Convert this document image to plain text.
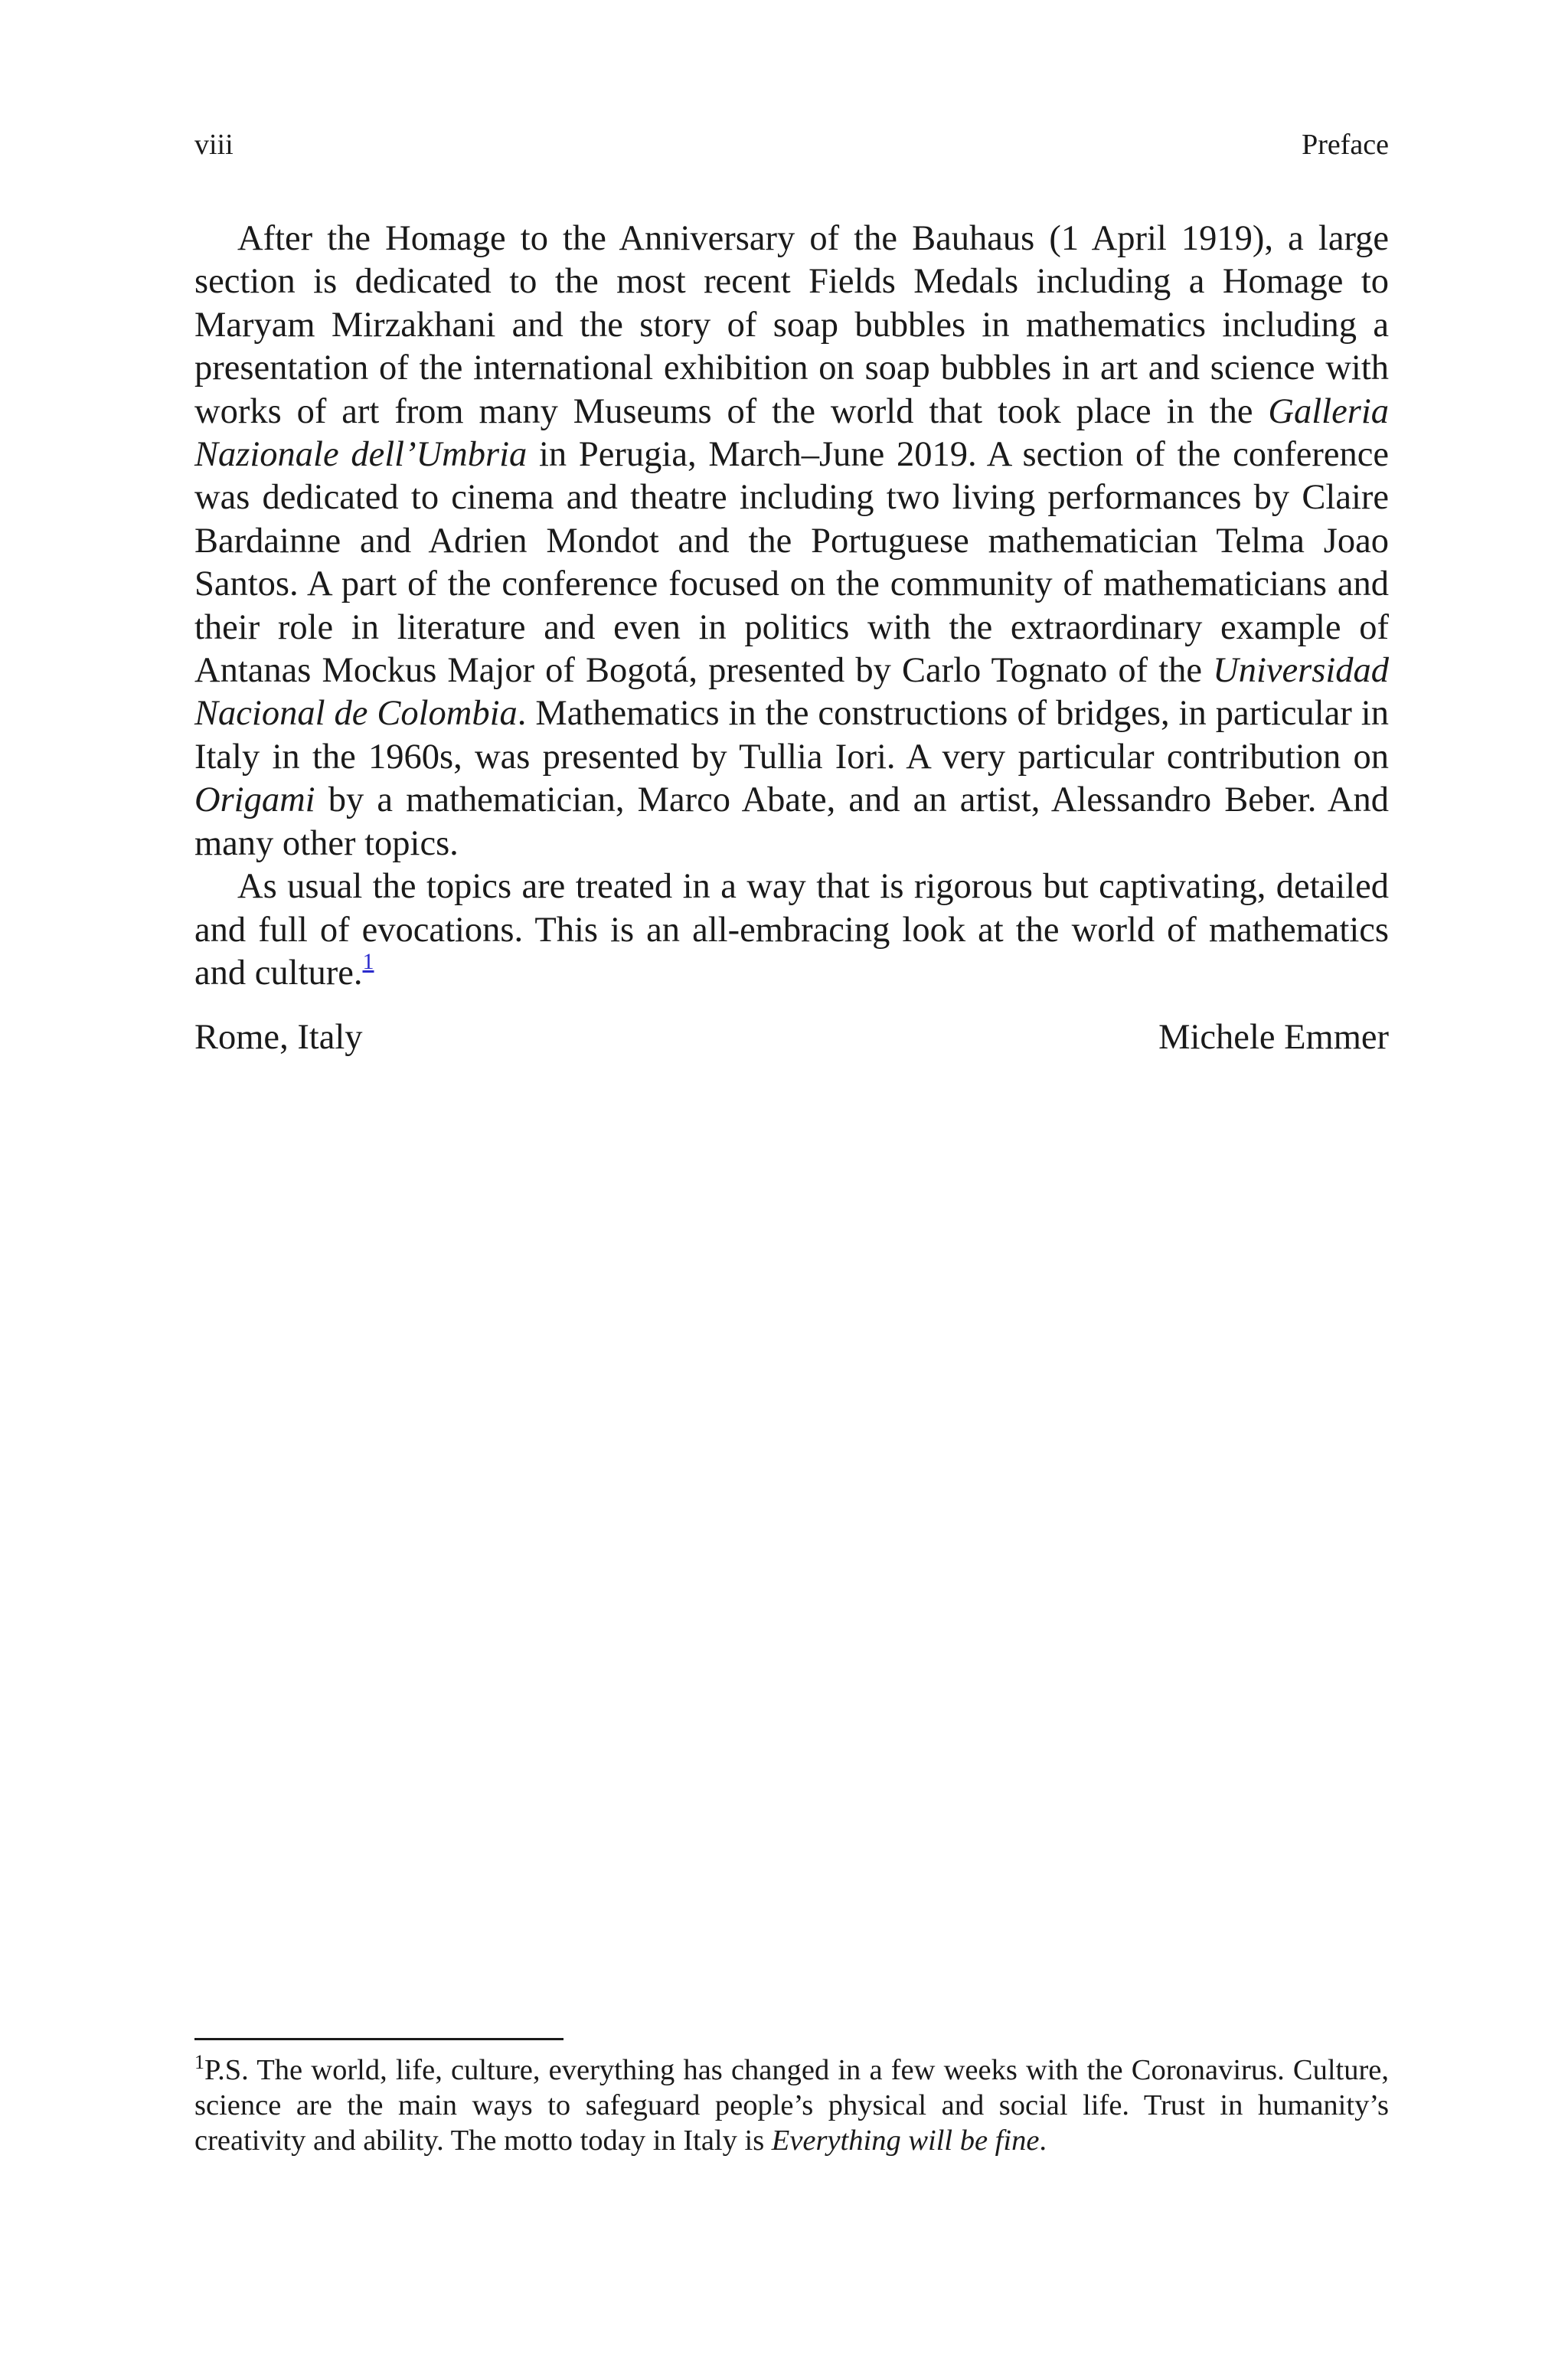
viii	Preface

After the Homage to the Anniversary of the Bauhaus (1 April 1919), a large section is dedicated to the most recent Fields Medals including a Homage to Maryam Mirzakhani and the story of soap bubbles in mathematics including a presentation of the international exhibition on soap bubbles in art and science with works of art from many Museums of the world that took place in the Galleria Nazionale dell’Umbria in Perugia, March–June 2019. A section of the conference was dedicated to cinema and theatre including two living performances by Claire Bardainne and Adrien Mondot and the Portuguese mathematician Telma Joao Santos. A part of the conference focused on the community of mathematicians and their role in literature and even in politics with the extraordinary example of Antanas Mockus Major of Bogotá, presented by Carlo Tognato of the Universidad Nacional de Colombia. Mathematics in the constructions of bridges, in particular in Italy in the 1960s, was presented by Tullia Iori. A very particular contribution on Origami by a mathematician, Marco Abate, and an artist, Alessandro Beber. And many other topics.

As usual the topics are treated in a way that is rigorous but captivating, detailed and full of evocations. This is an all-embracing look at the world of mathematics and culture.$^1$

Rome, Italy	Michele Emmer

$^1$P.S. The world, life, culture, everything has changed in a few weeks with the Coronavirus. Culture, science are the main ways to safeguard people’s physical and social life. Trust in humanity’s creativity and ability. The motto today in Italy is Everything will be fine.
